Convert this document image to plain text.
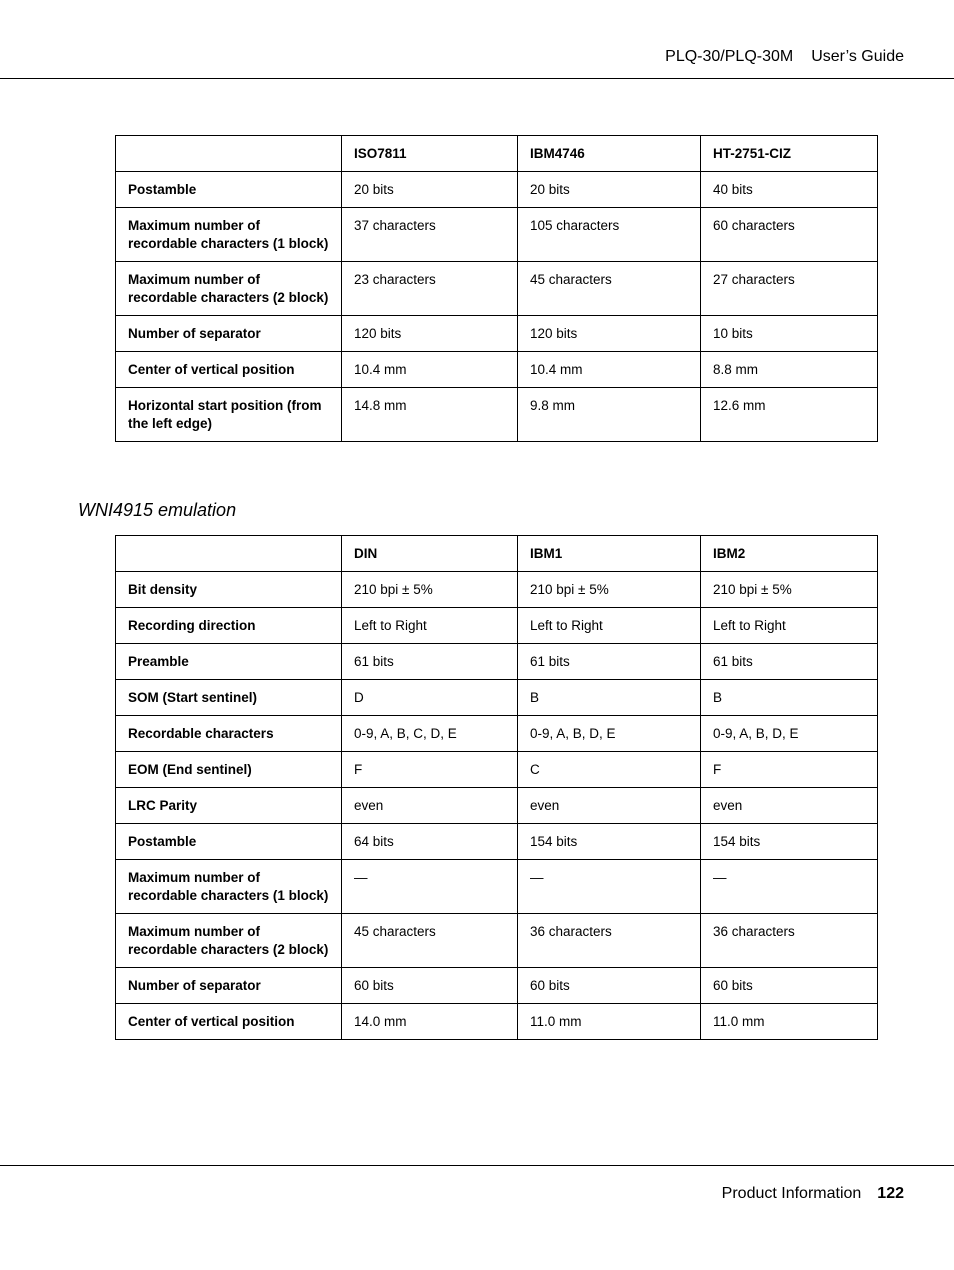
PLQ-30/PLQ-30M User’s Guide
	ISO7811	IBM4746	HT-2751-CIZ
Postamble	20 bits	20 bits	40 bits
Maximum number of recordable characters (1 block)	37 characters	105 characters	60 characters
Maximum number of recordable characters (2 block)	23 characters	45 characters	27 characters
Number of separator	120 bits	120 bits	10 bits
Center of vertical position	10.4 mm	10.4 mm	8.8 mm
Horizontal start position (from the left edge)	14.8 mm	9.8 mm	12.6 mm
WNI4915 emulation
	DIN	IBM1	IBM2
Bit density	210 bpi ± 5%	210 bpi ± 5%	210 bpi ± 5%
Recording direction	Left to Right	Left to Right	Left to Right
Preamble	61 bits	61 bits	61 bits
SOM (Start sentinel)	D	B	B
Recordable characters	0-9, A, B, C, D, E	0-9, A, B, D, E	0-9, A, B, D, E
EOM (End sentinel)	F	C	F
LRC Parity	even	even	even
Postamble	64 bits	154 bits	154 bits
Maximum number of recordable characters (1 block)	—	—	—
Maximum number of recordable characters (2 block)	45 characters	36 characters	36 characters
Number of separator	60 bits	60 bits	60 bits
Center of vertical position	14.0 mm	11.0 mm	11.0 mm
Product Information 122
